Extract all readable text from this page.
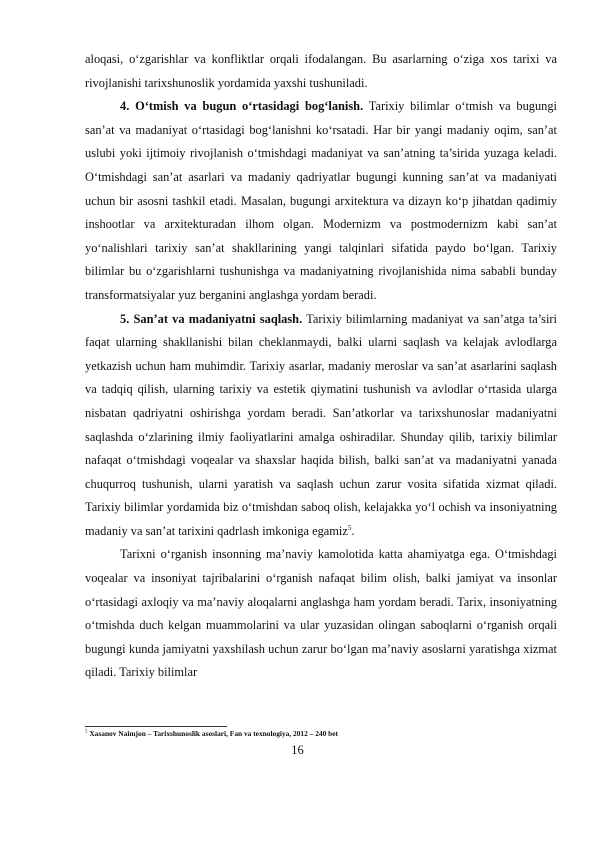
aloqasi, o‘zgarishlar va konfliktlar orqali ifodalangan. Bu asarlarning o‘ziga xos tarixi va rivojlanishi tarixshunoslik yordamida yaxshi tushuniladi.

4. O‘tmish va bugun o‘rtasidagi bog‘lanish. Tarixiy bilimlar o‘tmish va bugungi san’at va madaniyat o‘rtasidagi bog‘lanishni ko‘rsatadi. Har bir yangi madaniy oqim, san’at uslubi yoki ijtimoiy rivojlanish o‘tmishdagi madaniyat va san’atning ta’sirida yuzaga keladi. O‘tmishdagi san’at asarlari va madaniy qadriyatlar bugungi kunning san’at va madaniyati uchun bir asosni tashkil etadi. Masalan, bugungi arxitektura va dizayn ko‘p jihatdan qadimiy inshootlar va arxitekturadan ilhom olgan. Modernizm va postmodernizm kabi san’at yo‘nalishlari tarixiy san’at shakllarining yangi talqinlari sifatida paydo bo‘lgan. Tarixiy bilimlar bu o‘zgarishlarni tushunishga va madaniyatning rivojlanishida nima sababli bunday transformatsiyalar yuz berganini anglashga yordam beradi.

5. San’at va madaniyatni saqlash. Tarixiy bilimlarning madaniyat va san’atga ta’siri faqat ularning shakllanishi bilan cheklanmaydi, balki ularni saqlash va kelajak avlodlarga yetkazish uchun ham muhimdir. Tarixiy asarlar, madaniy meroslar va san’at asarlarini saqlash va tadqiq qilish, ularning tarixiy va estetik qiymatini tushunish va avlodlar o‘rtasida ularga nisbatan qadriyatni oshirishga yordam beradi. San’atkorlar va tarixshunoslar madaniyatni saqlashda o‘zlarining ilmiy faoliyatlarini amalga oshiradilar. Shunday qilib, tarixiy bilimlar nafaqat o‘tmishdagi voqealar va shaxslar haqida bilish, balki san’at va madaniyatni yanada chuqurroq tushunish, ularni yaratish va saqlash uchun zarur vosita sifatida xizmat qiladi. Tarixiy bilimlar yordamida biz o‘tmishdan saboq olish, kelajakka yo‘l ochish va insoniyatning madaniy va san’at tarixini qadrlash imkoniga egamiz$^5$.

Tarixni o‘rganish insonning ma’naviy kamolotida katta ahamiyatga ega. O‘tmishdagi voqealar va insoniyat tajribalarini o‘rganish nafaqat bilim olish, balki jamiyat va insonlar o‘rtasidagi axloqiy va ma’naviy aloqalarni anglashga ham yordam beradi. Tarix, insoniyatning o‘tmishda duch kelgan muammolarini va ular yuzasidan olingan saboqlarni o‘rganish orqali bugungi kunda jamiyatni yaxshilash uchun zarur bo‘lgan ma’naviy asoslarni yaratishga xizmat qiladi. Tarixiy bilimlar

$^5$ Xasanov Naimjon – Tarixshunoslik asoslari, Fan va texnologiya, 2012 – 240 bet
16
